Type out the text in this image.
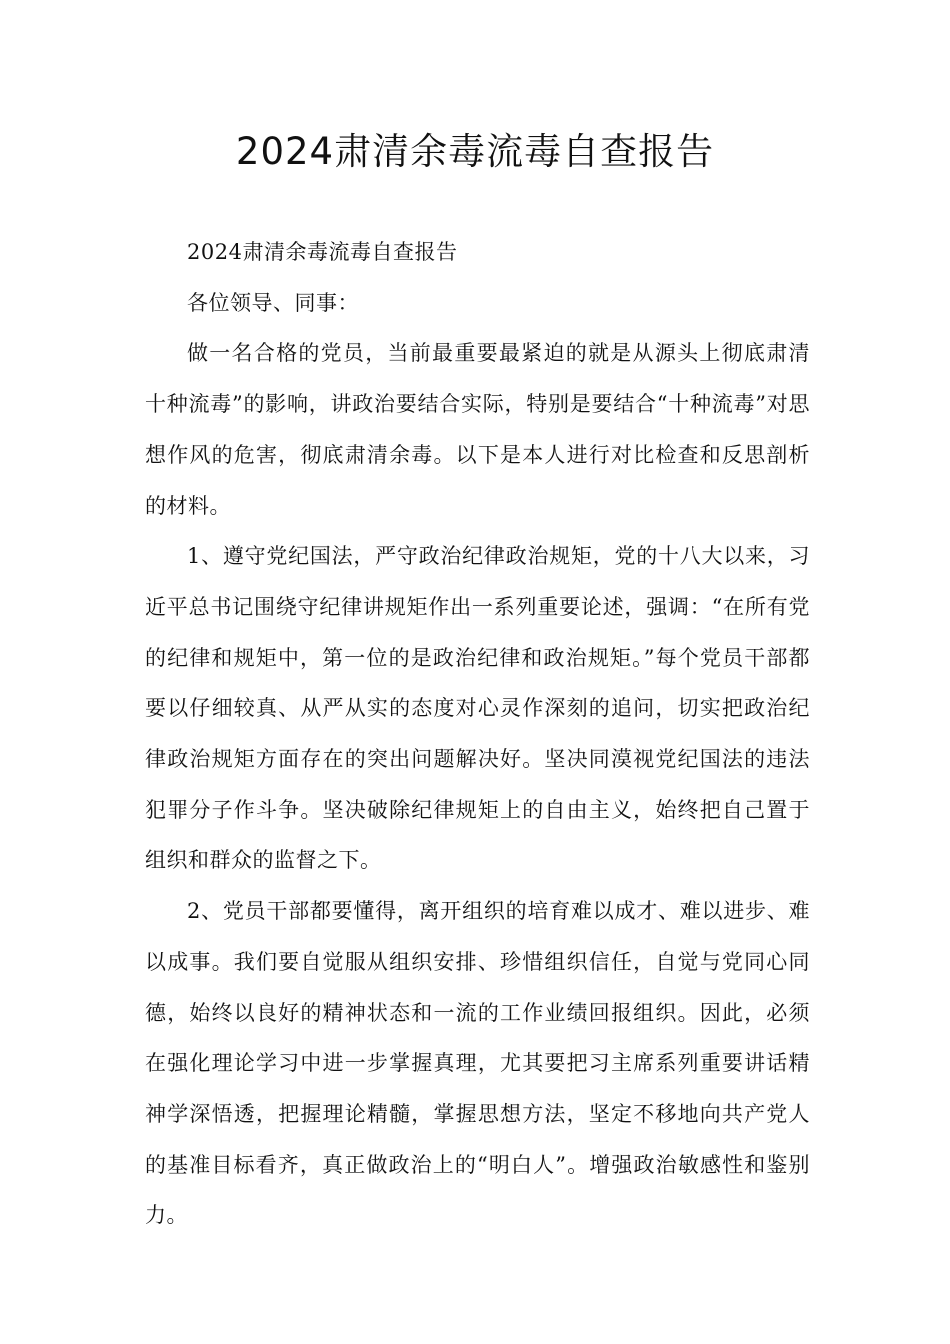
2024肃清余毒流毒自查报告

2024肃清余毒流毒自查报告

各位领导、同事：

做一名合格的党员，当前最重要最紧迫的就是从源头上彻底肃清十种流毒”的影响，讲政治要结合实际，特别是要结合“十种流毒”对思想作风的危害，彻底肃清余毒。以下是本人进行对比检查和反思剖析的材料。

1、遵守党纪国法，严守政治纪律政治规矩，党的十八大以来，习近平总书记围绕守纪律讲规矩作出一系列重要论述，强调：“在所有党的纪律和规矩中，第一位的是政治纪律和政治规矩。”每个党员干部都要以仔细较真、从严从实的态度对心灵作深刻的追问，切实把政治纪律政治规矩方面存在的突出问题解决好。坚决同漠视党纪国法的违法犯罪分子作斗争。坚决破除纪律规矩上的自由主义，始终把自己置于组织和群众的监督之下。

2、党员干部都要懂得，离开组织的培育难以成才、难以进步、难以成事。我们要自觉服从组织安排、珍惜组织信任，自觉与党同心同德，始终以良好的精神状态和一流的工作业绩回报组织。因此，必须在强化理论学习中进一步掌握真理，尤其要把习主席系列重要讲话精神学深悟透，把握理论精髓，掌握思想方法，坚定不移地向共产党人的基准目标看齐，真正做政治上的“明白人”。增强政治敏感性和鉴别力。
